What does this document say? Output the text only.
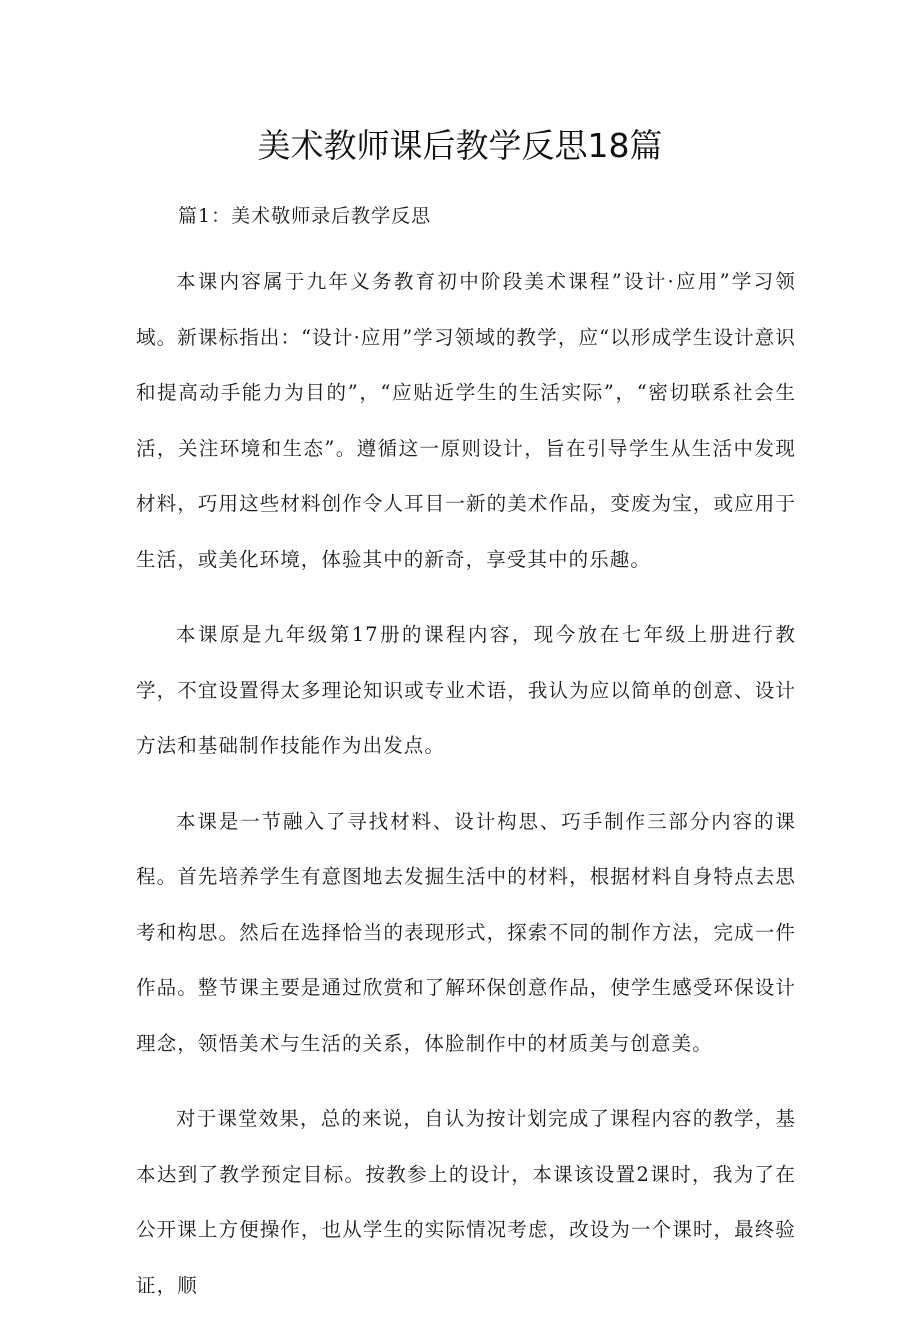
美术教师课后教学反思18篇

篇1：美术敬师录后教学反思

本课内容属于九年义务教育初中阶段美术课程”设计·应用”学习领域。新课标指出：“设计·应用”学习领域的教学，应“以形成学生设计意识和提高动手能力为目的”，“应贴近学生的生活实际”，“密切联系社会生活，关注环境和生态”。遵循这一原则设计，旨在引导学生从生活中发现材料，巧用这些材料创作令人耳目一新的美术作品，变废为宝，或应用于生活，或美化环境，体验其中的新奇，享受其中的乐趣。

本课原是九年级第17册的课程内容，现今放在七年级上册进行教学，不宜设置得太多理论知识或专业术语，我认为应以简单的创意、设计方法和基础制作技能作为出发点。

本课是一节融入了寻找材料、设计构思、巧手制作三部分内容的课程。首先培养学生有意图地去发掘生活中的材料，根据材料自身特点去思考和构思。然后在选择恰当的表现形式，探索不同的制作方法，完成一件作品。整节课主要是通过欣赏和了解环保创意作品，使学生感受环保设计理念，领悟美术与生活的关系，体脸制作中的材质美与创意美。

对于课堂效果，总的来说，自认为按计划完成了课程内容的教学，基本达到了教学预定目标。按教参上的设计，本课该设置2课时，我为了在公开课上方便操作，也从学生的实际情况考虑，改设为一个课时，最终验证，顺
